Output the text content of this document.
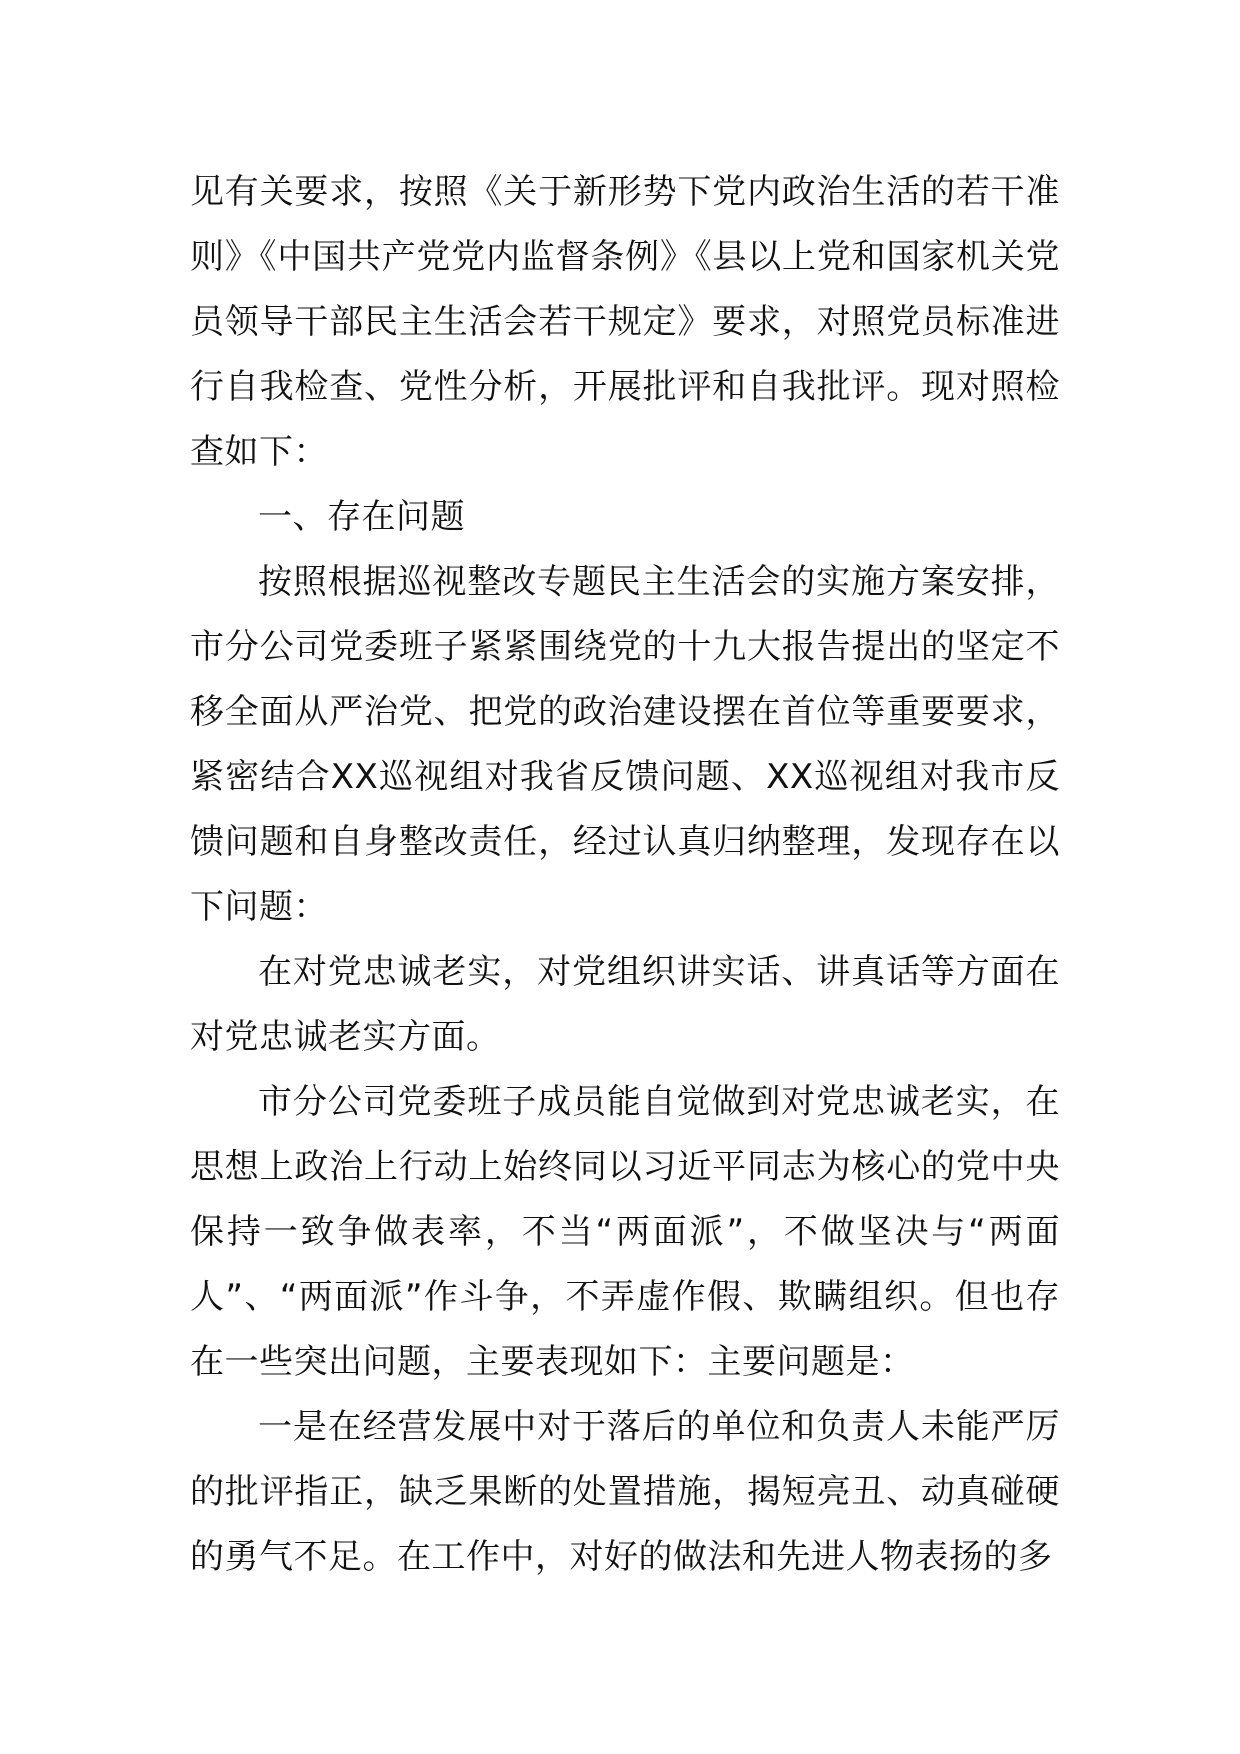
见有关要求，按照《关于新形势下党内政治生活的若干准则》《中国共产党党内监督条例》《县以上党和国家机关党员领导干部民主生活会若干规定》要求，对照党员标准进行自我检查、党性分析，开展批评和自我批评。现对照检查如下：

一、存在问题

按照根据巡视整改专题民主生活会的实施方案安排，市分公司党委班子紧紧围绕党的十九大报告提出的坚定不移全面从严治党、把党的政治建设摆在首位等重要要求，紧密结合XX巡视组对我省反馈问题、XX巡视组对我市反馈问题和自身整改责任，经过认真归纳整理，发现存在以下问题：

在对党忠诚老实，对党组织讲实话、讲真话等方面在对党忠诚老实方面。

市分公司党委班子成员能自觉做到对党忠诚老实，在思想上政治上行动上始终同以习近平同志为核心的党中央保持一致争做表率，不当“两面派”，不做坚决与“两面人”、“两面派”作斗争，不弄虚作假、欺瞒组织。但也存在一些突出问题，主要表现如下：主要问题是：

一是在经营发展中对于落后的单位和负责人未能严厉的批评指正，缺乏果断的处置措施，揭短亮丑、动真碰硬的勇气不足。在工作中，对好的做法和先进人物表扬的多
